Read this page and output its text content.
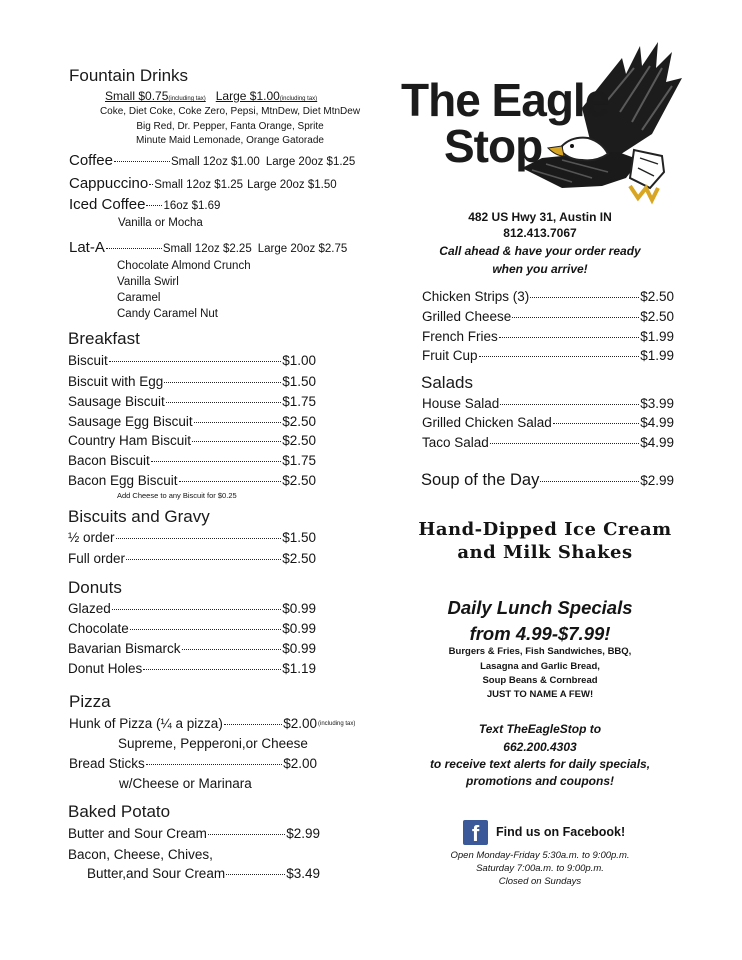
Fountain Drinks
Small $0.75(including tax) Large $1.00(including tax)
Coke, Diet Coke, Coke Zero, Pepsi, MtnDew, Diet MtnDew
Big Red, Dr. Pepper, Fanta Orange, Sprite
Minute Maid Lemonade, Orange Gatorade
Coffee	Small 12oz $1.00 Large 20oz $1.25
Cappuccino Small 12oz $1.25 Large 20oz $1.50
Iced Coffee 16oz $1.69
Vanilla or Mocha
Lat-A	Small 12oz $2.25 Large 20oz $2.75
Chocolate Almond Crunch
Vanilla Swirl
Caramel
Candy Caramel Nut
Breakfast
Biscuit	$1.00
Biscuit with Egg	$1.50
Sausage Biscuit	$1.75
Sausage Egg Biscuit	$2.50
Country Ham Biscuit	$2.50
Bacon Biscuit	$1.75
Bacon Egg Biscuit	$2.50
Add Cheese to any Biscuit for $0.25
Biscuits and Gravy
½ order	$1.50
Full order	$2.50
Donuts
Glazed	$0.99
Chocolate	$0.99
Bavarian Bismarck	$0.99
Donut Holes	$1.19
Pizza
Hunk of Pizza (¼ a pizza)	$2.00 (including tax)
Supreme, Pepperoni,or Cheese
Bread Sticks	$2.00
w/Cheese or Marinara
Baked Potato
Butter and Sour Cream	$2.99
Bacon, Cheese, Chives,
Butter,and Sour Cream	$3.49
The Eagle
Stop
482 US Hwy 31, Austin IN
812.413.7067
Call ahead & have your order ready
when you arrive!
Chicken Strips (3)	$2.50
Grilled Cheese	$2.50
French Fries	$1.99
Fruit Cup	$1.99
Salads
House Salad	$3.99
Grilled Chicken Salad	$4.99
Taco Salad	$4.99
Soup of the Day	$2.99
Hand-Dipped Ice Cream
and Milk Shakes
Daily Lunch Specials
from 4.99-$7.99!
Burgers & Fries, Fish Sandwiches, BBQ,
Lasagna and Garlic Bread,
Soup Beans & Cornbread
JUST TO NAME A FEW!
Text TheEagleStop to
662.200.4303
to receive text alerts for daily specials,
promotions and coupons!
f	Find us on Facebook!
Open Monday-Friday 5:30a.m. to 9:00p.m.
Saturday 7:00a.m. to 9:00p.m.
Closed on Sundays
